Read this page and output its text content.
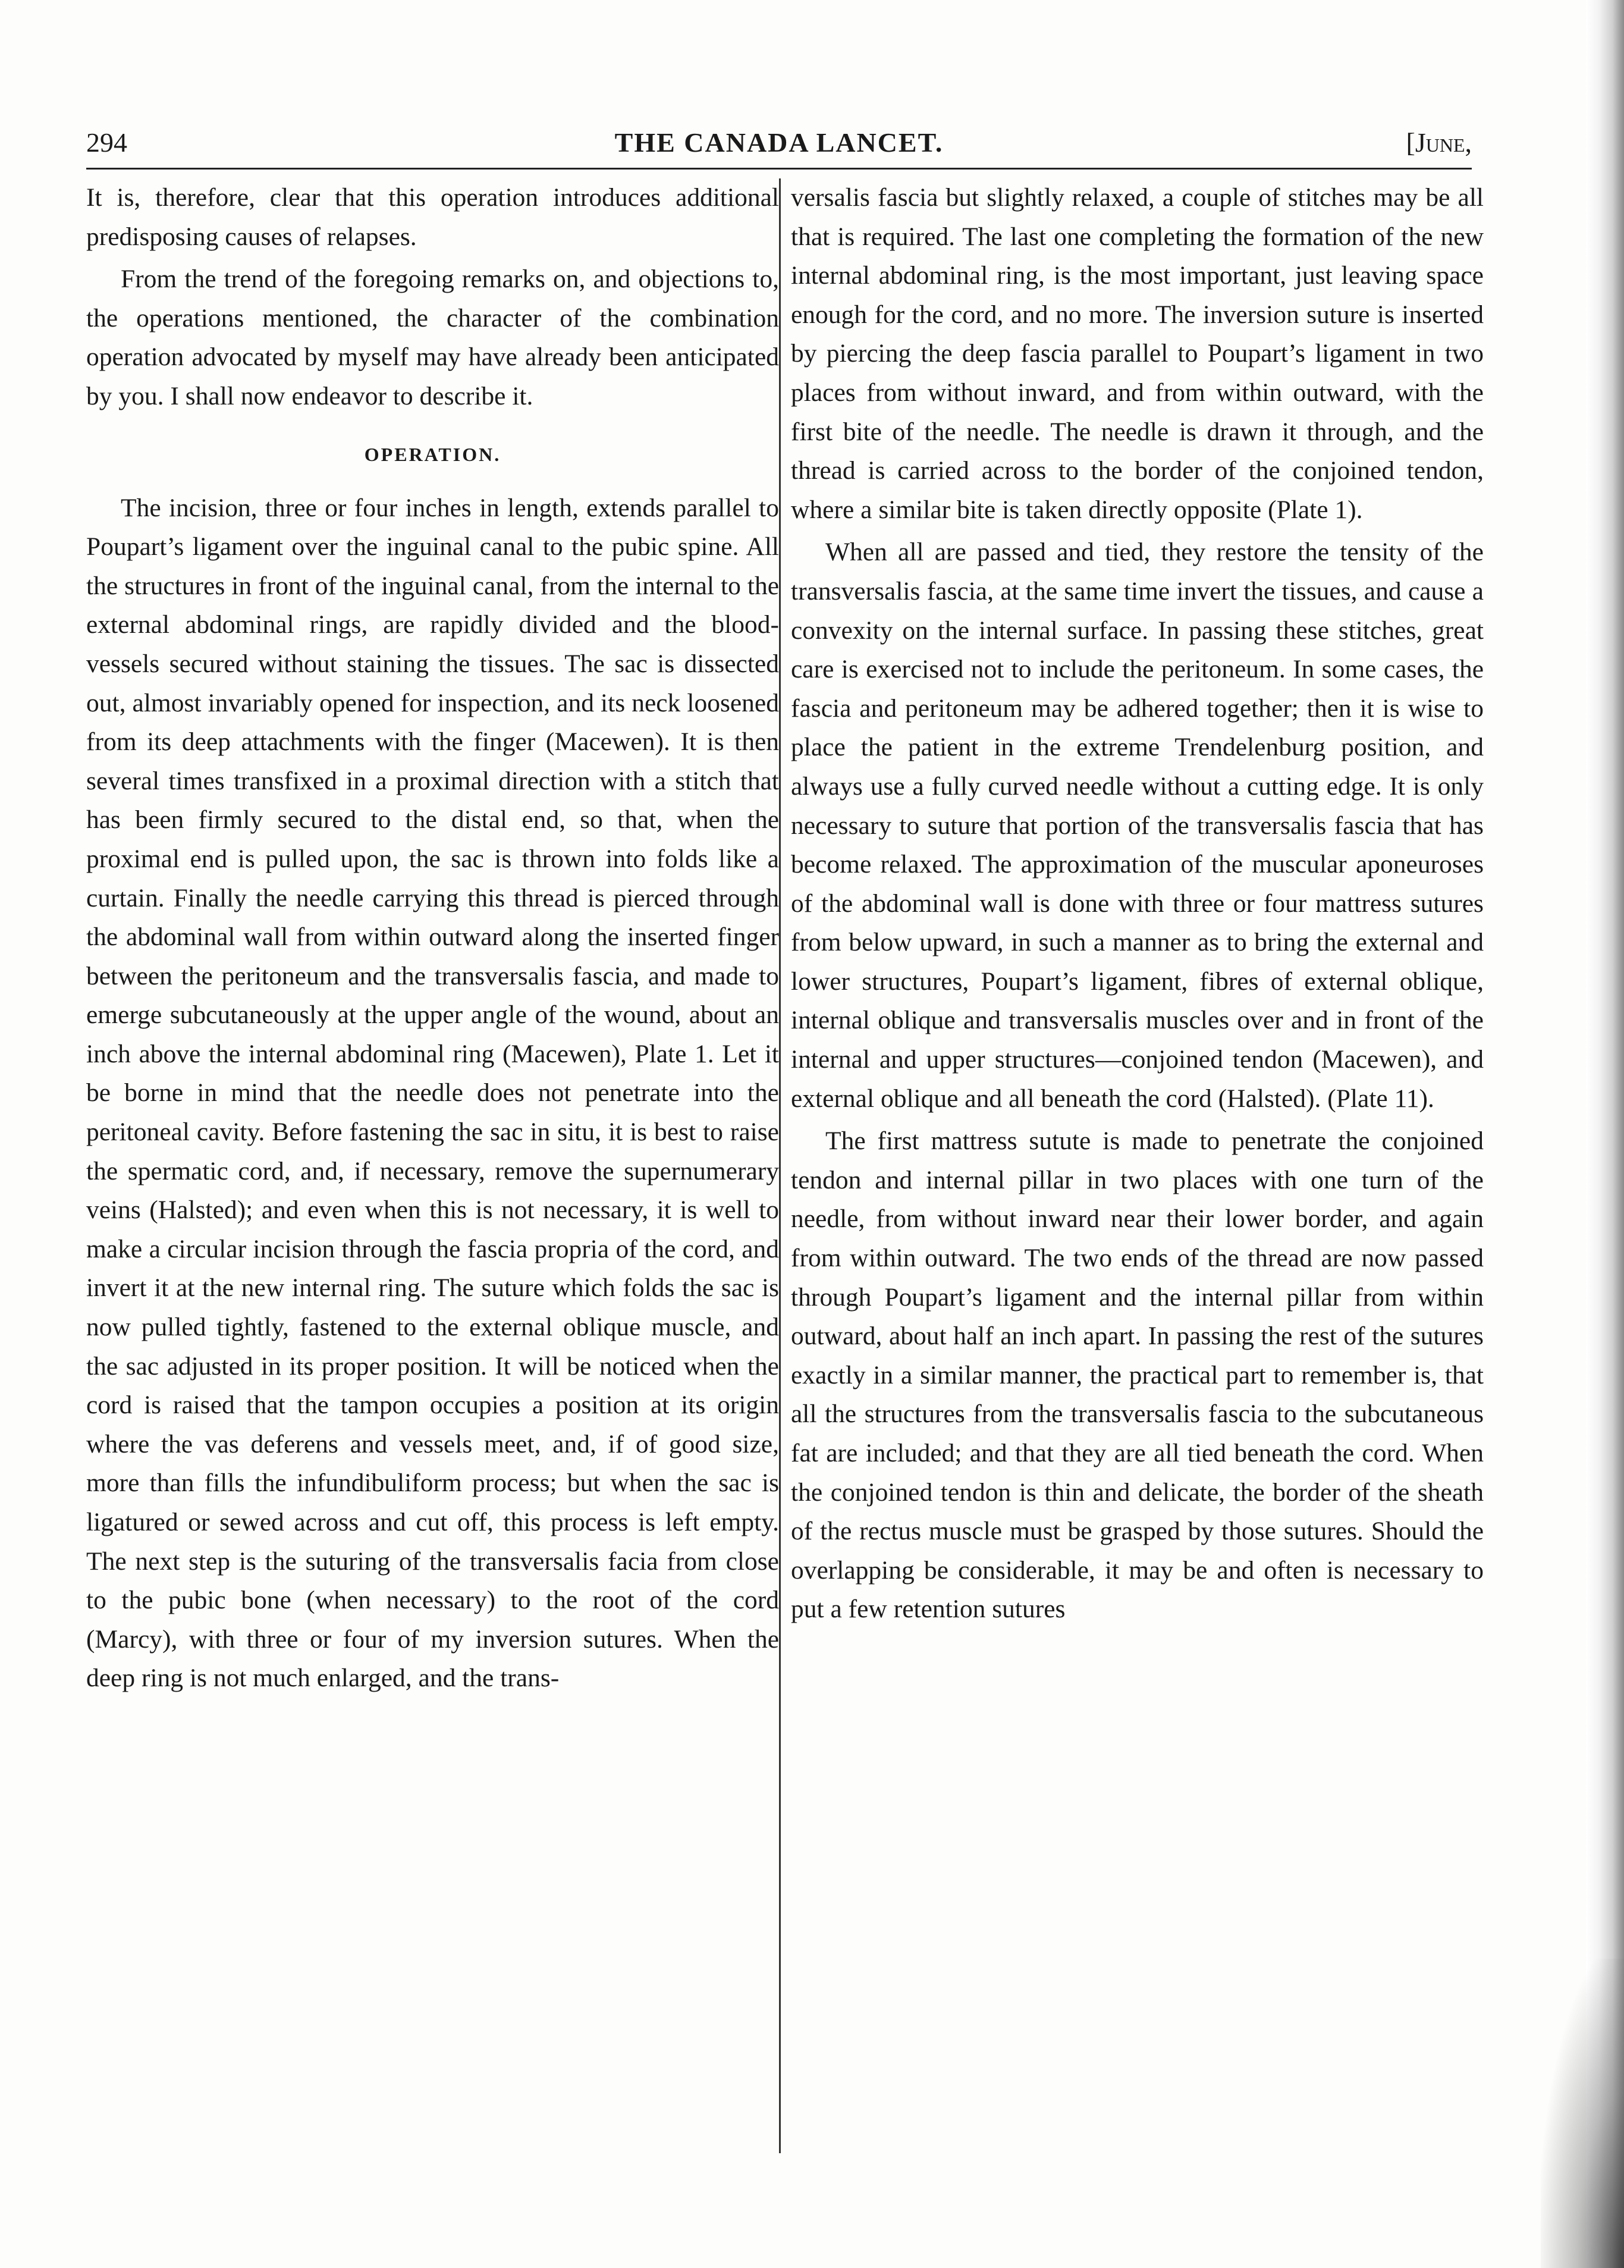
294	THE CANADA LANCET.	[June,

It is, therefore, clear that this operation introduces additional predisposing causes of relapses.

From the trend of the foregoing remarks on, and objections to, the operations mentioned, the character of the combination operation advocated by myself may have already been anticipated by you. I shall now endeavor to describe it.

OPERATION.

The incision, three or four inches in length, extends parallel to Poupart’s ligament over the inguinal canal to the pubic spine. All the structures in front of the inguinal canal, from the internal to the external abdominal rings, are rapidly divided and the blood-vessels secured without staining the tissues. The sac is dissected out, almost invariably opened for inspection, and its neck loosened from its deep attachments with the finger (Macewen). It is then several times transfixed in a proximal direction with a stitch that has been firmly secured to the distal end, so that, when the proximal end is pulled upon, the sac is thrown into folds like a curtain. Finally the needle carrying this thread is pierced through the abdominal wall from within outward along the inserted finger between the peritoneum and the transversalis fascia, and made to emerge subcutaneously at the upper angle of the wound, about an inch above the internal abdominal ring (Macewen), Plate 1. Let it be borne in mind that the needle does not penetrate into the peritoneal cavity. Before fastening the sac in situ, it is best to raise the spermatic cord, and, if necessary, remove the supernumerary veins (Halsted); and even when this is not necessary, it is well to make a circular incision through the fascia propria of the cord, and invert it at the new internal ring. The suture which folds the sac is now pulled tightly, fastened to the external oblique muscle, and the sac adjusted in its proper position. It will be noticed when the cord is raised that the tampon occupies a position at its origin where the vas deferens and vessels meet, and, if of good size, more than fills the infundibuliform process; but when the sac is ligatured or sewed across and cut off, this process is left empty. The next step is the suturing of the transversalis facia from close to the pubic bone (when necessary) to the root of the cord (Marcy), with three or four of my inversion sutures. When the deep ring is not much enlarged, and the trans-

versalis fascia but slightly relaxed, a couple of stitches may be all that is required. The last one completing the formation of the new internal abdominal ring, is the most important, just leaving space enough for the cord, and no more. The inversion suture is inserted by piercing the deep fascia parallel to Poupart’s ligament in two places from without inward, and from within outward, with the first bite of the needle. The needle is drawn it through, and the thread is carried across to the border of the conjoined tendon, where a similar bite is taken directly opposite (Plate 1).

When all are passed and tied, they restore the tensity of the transversalis fascia, at the same time invert the tissues, and cause a convexity on the internal surface. In passing these stitches, great care is exercised not to include the peritoneum. In some cases, the fascia and peritoneum may be adhered together; then it is wise to place the patient in the extreme Trendelenburg position, and always use a fully curved needle without a cutting edge. It is only necessary to suture that portion of the transversalis fascia that has become relaxed. The approximation of the muscular aponeuroses of the abdominal wall is done with three or four mattress sutures from below upward, in such a manner as to bring the external and lower structures, Poupart’s ligament, fibres of external oblique, internal oblique and transversalis muscles over and in front of the internal and upper structures—conjoined tendon (Macewen), and external oblique and all beneath the cord (Halsted). (Plate 11).

The first mattress sutute is made to penetrate the conjoined tendon and internal pillar in two places with one turn of the needle, from without inward near their lower border, and again from within outward. The two ends of the thread are now passed through Poupart’s ligament and the internal pillar from within outward, about half an inch apart. In passing the rest of the sutures exactly in a similar manner, the practical part to remember is, that all the structures from the transversalis fascia to the subcutaneous fat are included; and that they are all tied beneath the cord. When the conjoined tendon is thin and delicate, the border of the sheath of the rectus muscle must be grasped by those sutures. Should the overlapping be considerable, it may be and often is necessary to put a few retention sutures
